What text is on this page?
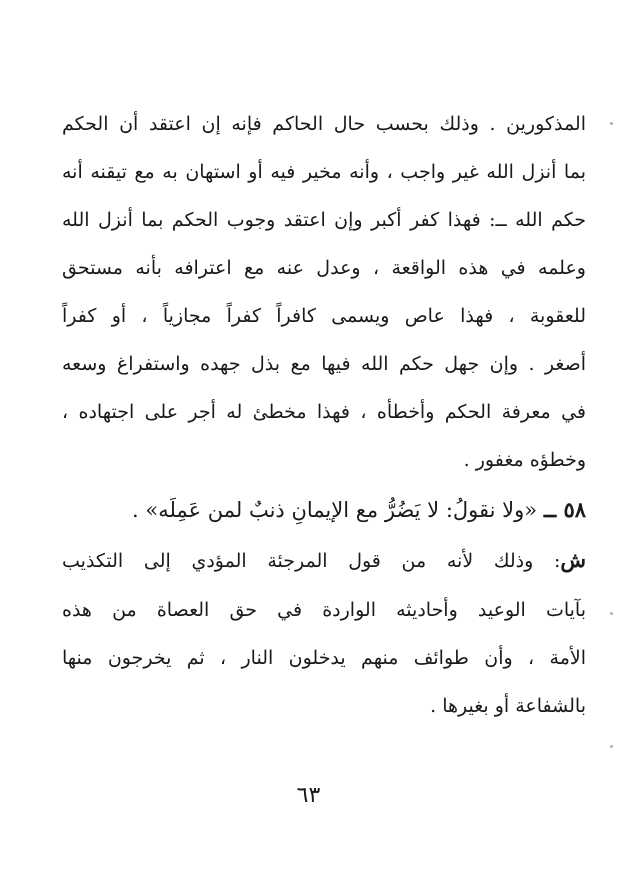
المذكورين . وذلك بحسب حال الحاكم فإنه إن اعتقد أن الحكم
بما أنزل الله غير واجب ، وأنه مخير فيه أو استهان به مع تيقنه أنه
حكم الله ــ: فهذا كفر أكبر وإن اعتقد وجوب الحكم بما أنزل الله
وعلمه في هذه الواقعة ، وعدل عنه مع اعترافه بأنه مستحق
للعقوبة ، فهذا عاص ويسمى كافراً كفراً مجازياً ، أو كفراً
أصغر . وإن جهل حكم الله فيها مع بذل جهده واستفراغ وسعه
في معرفة الحكم وأخطأه ، فهذا مخطئ له أجر على اجتهاده ،
وخطؤه مغفور .
٥٨ ــ «ولا نقولُ: لا يَضُرُّ مع الإيمانِ ذنبٌ لمن عَمِلَه» .
ش: وذلك لأنه من قول المرجئة المؤدي إلى التكذيب
بآيات الوعيد وأحاديثه الواردة في حق العصاة من هذه
الأمة ، وأن طوائف منهم يدخلون النار ، ثم يخرجون منها
بالشفاعة أو بغيرها .
٦٣
